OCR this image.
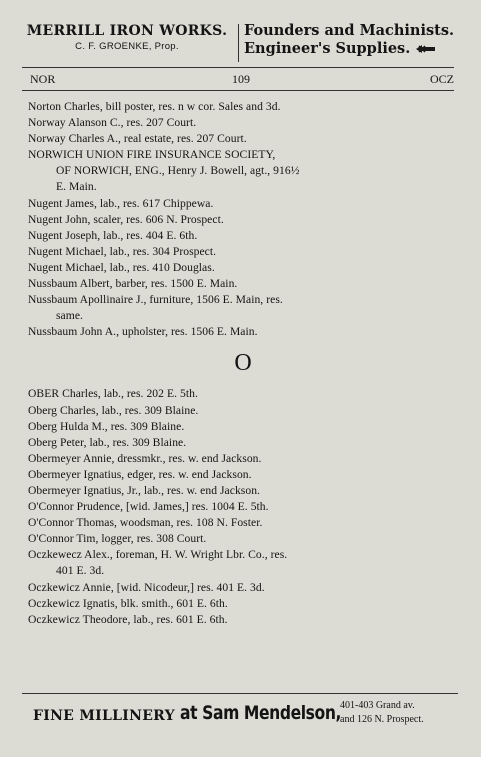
MERRILL IRON WORKS.
C. F. GROENKE, Prop.
Founders and Machinists.
Engineer's Supplies.
NOR	109	OCZ
Norton Charles, bill poster, res. n w cor. Sales and 3d.
Norway Alanson C., res. 207 Court.
Norway Charles A., real estate, res. 207 Court.
NORWICH UNION FIRE INSURANCE SOCIETY,
OF NORWICH, ENG., Henry J. Bowell, agt., 916½
E. Main.
Nugent James, lab., res. 617 Chippewa.
Nugent John, scaler, res. 606 N. Prospect.
Nugent Joseph, lab., res. 404 E. 6th.
Nugent Michael, lab., res. 304 Prospect.
Nugent Michael, lab., res. 410 Douglas.
Nussbaum Albert, barber, res. 1500 E. Main.
Nussbaum Apollinaire J., furniture, 1506 E. Main, res.
same.
Nussbaum John A., upholster, res. 1506 E. Main.
O
OBER Charles, lab., res. 202 E. 5th.
Oberg Charles, lab., res. 309 Blaine.
Oberg Hulda M., res. 309 Blaine.
Oberg Peter, lab., res. 309 Blaine.
Obermeyer Annie, dressmkr., res. w. end Jackson.
Obermeyer Ignatius, edger, res. w. end Jackson.
Obermeyer Ignatius, Jr., lab., res. w. end Jackson.
O'Connor Prudence, [wid. James,] res. 1004 E. 5th.
O'Connor Thomas, woodsman, res. 108 N. Foster.
O'Connor Tim, logger, res. 308 Court.
Oczkewecz Alex., foreman, H. W. Wright Lbr. Co., res.
401 E. 3d.
Oczkewicz Annie, [wid. Nicodeur,] res. 401 E. 3d.
Oczkewicz Ignatis, blk. smith., 601 E. 6th.
Oczkewicz Theodore, lab., res. 601 E. 6th.
FINE MILLINERY at Sam Mendelson,
401-403 Grand av.
and 126 N. Prospect.
